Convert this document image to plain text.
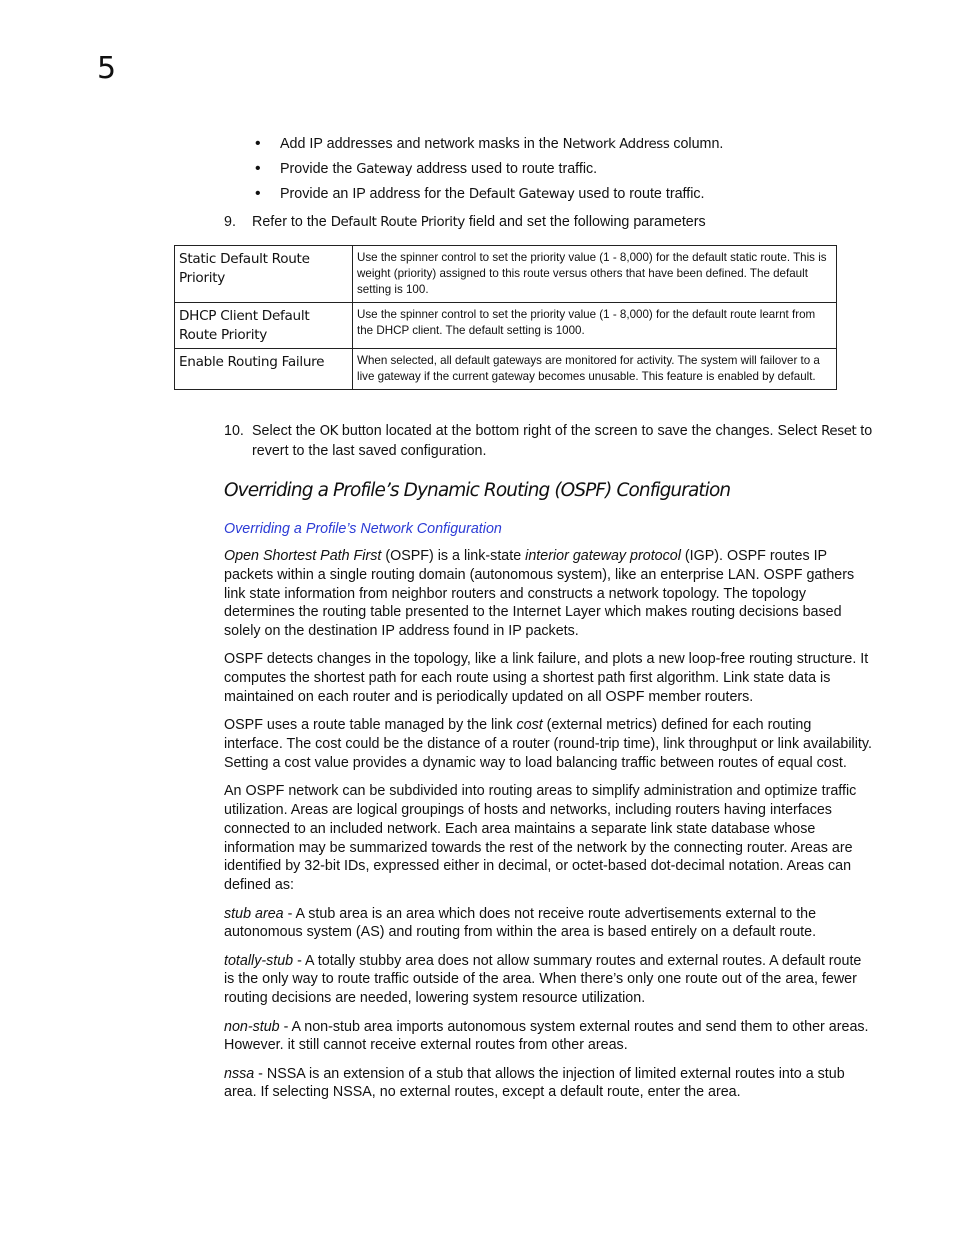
5
• Add IP addresses and network masks in the Network Address column.
• Provide the Gateway address used to route traffic.
• Provide an IP address for the Default Gateway used to route traffic.
9. Refer to the Default Route Priority field and set the following parameters
Static Default Route Priority	Use the spinner control to set the priority value (1 - 8,000) for the default static route. This is weight (priority) assigned to this route versus others that have been defined. The default setting is 100.
DHCP Client Default Route Priority	Use the spinner control to set the priority value (1 - 8,000) for the default route learnt from the DHCP client. The default setting is 1000.
Enable Routing Failure	When selected, all default gateways are monitored for activity. The system will failover to a live gateway if the current gateway becomes unusable. This feature is enabled by default.
10. Select the OK button located at the bottom right of the screen to save the changes. Select Reset to revert to the last saved configuration.
Overriding a Profile’s Dynamic Routing (OSPF) Configuration
Overriding a Profile’s Network Configuration

Open Shortest Path First (OSPF) is a link-state interior gateway protocol (IGP). OSPF routes IP packets within a single routing domain (autonomous system), like an enterprise LAN. OSPF gathers link state information from neighbor routers and constructs a network topology. The topology determines the routing table presented to the Internet Layer which makes routing decisions based solely on the destination IP address found in IP packets.

OSPF detects changes in the topology, like a link failure, and plots a new loop-free routing structure. It computes the shortest path for each route using a shortest path first algorithm. Link state data is maintained on each router and is periodically updated on all OSPF member routers.

OSPF uses a route table managed by the link cost (external metrics) defined for each routing interface. The cost could be the distance of a router (round-trip time), link throughput or link availability. Setting a cost value provides a dynamic way to load balancing traffic between routes of equal cost.

An OSPF network can be subdivided into routing areas to simplify administration and optimize traffic utilization. Areas are logical groupings of hosts and networks, including routers having interfaces connected to an included network. Each area maintains a separate link state database whose information may be summarized towards the rest of the network by the connecting router. Areas are identified by 32-bit IDs, expressed either in decimal, or octet-based dot-decimal notation. Areas can defined as:

stub area - A stub area is an area which does not receive route advertisements external to the autonomous system (AS) and routing from within the area is based entirely on a default route.

totally-stub - A totally stubby area does not allow summary routes and external routes. A default route is the only way to route traffic outside of the area. When there’s only one route out of the area, fewer routing decisions are needed, lowering system resource utilization.

non-stub - A non-stub area imports autonomous system external routes and send them to other areas. However. it still cannot receive external routes from other areas.

nssa - NSSA is an extension of a stub that allows the injection of limited external routes into a stub area. If selecting NSSA, no external routes, except a default route, enter the area.
